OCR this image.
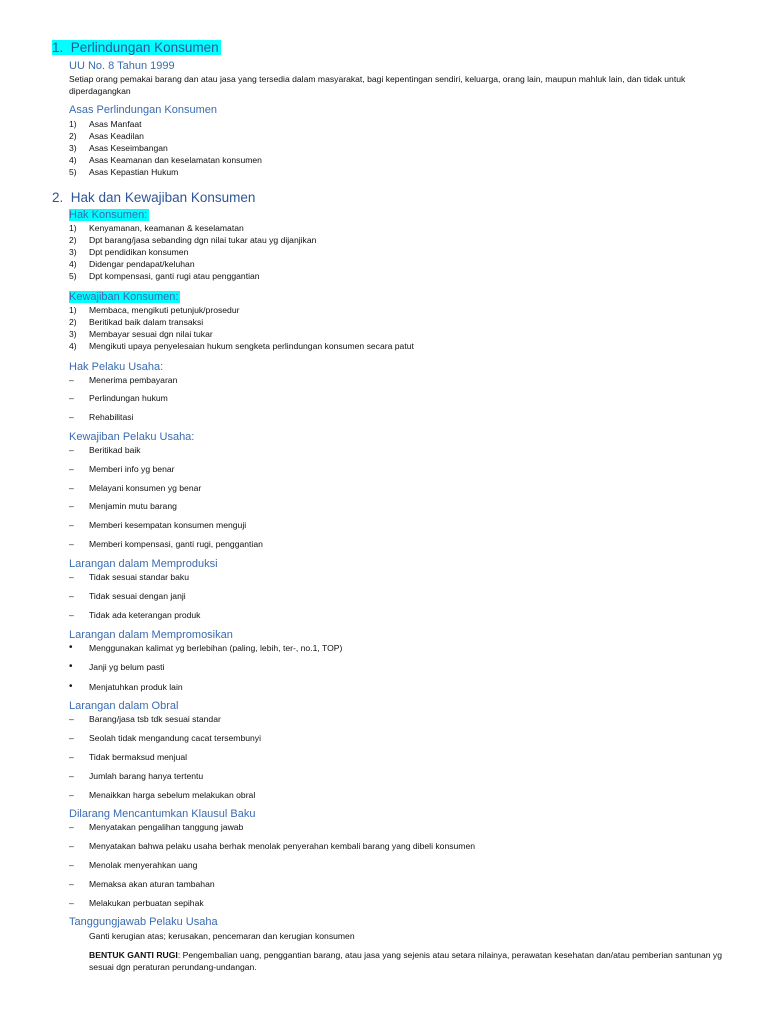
1. Perlindungan Konsumen
UU No. 8 Tahun 1999
Setiap orang pemakai barang dan atau jasa yang tersedia dalam masyarakat, bagi kepentingan sendiri, keluarga, orang lain, maupun mahluk lain, dan tidak untuk diperdagangkan
Asas Perlindungan Konsumen
1)	Asas Manfaat
2)	Asas Keadilan
3)	Asas Keseimbangan
4)	Asas Keamanan dan keselamatan konsumen
5)	Asas Kepastian Hukum
2. Hak dan Kewajiban Konsumen
Hak Konsumen:
1)	Kenyamanan, keamanan & keselamatan
2)	Dpt barang/jasa sebanding dgn nilai tukar atau yg dijanjikan
3)	Dpt pendidikan konsumen
4)	Didengar pendapat/keluhan
5)	Dpt kompensasi, ganti rugi atau penggantian
Kewajiban Konsumen:
1)	Membaca, mengikuti petunjuk/prosedur
2)	Beritikad baik dalam transaksi
3)	Membayar sesuai dgn nilai tukar
4)	Mengikuti upaya penyelesaian hukum sengketa perlindungan konsumen secara patut
Hak Pelaku Usaha:
–	Menerima pembayaran
–	Perlindungan hukum
–	Rehabilitasi
Kewajiban Pelaku Usaha:
–	Beritikad baik
–	Memberi info yg benar
–	Melayani konsumen yg benar
–	Menjamin mutu barang
–	Memberi kesempatan konsumen menguji
–	Memberi kompensasi, ganti rugi, penggantian
Larangan dalam Memproduksi
–	Tidak sesuai standar baku
–	Tidak sesuai dengan janji
–	Tidak ada keterangan produk
Larangan dalam Mempromosikan
•	Menggunakan kalimat yg berlebihan (paling, lebih, ter-, no.1, TOP)
•	Janji yg belum pasti
•	Menjatuhkan produk lain
Larangan dalam Obral
–	Barang/jasa tsb tdk sesuai standar
–	Seolah tidak mengandung cacat tersembunyi
–	Tidak bermaksud menjual
–	Jumlah barang hanya tertentu
–	Menaikkan harga sebelum melakukan obral
Dilarang Mencantumkan Klausul Baku
–	Menyatakan pengalihan tanggung jawab
–	Menyatakan bahwa pelaku usaha berhak menolak penyerahan kembali barang yang dibeli konsumen
–	Menolak menyerahkan uang
–	Memaksa akan aturan tambahan
–	Melakukan perbuatan sepihak
Tanggungjawab Pelaku Usaha
Ganti kerugian atas; kerusakan, pencemaran dan kerugian konsumen
BENTUK GANTI RUGI: Pengembalian uang, penggantian barang, atau jasa yang sejenis atau setara nilainya, perawatan kesehatan dan/atau pemberian santunan yg sesuai dgn peraturan perundang-undangan.
